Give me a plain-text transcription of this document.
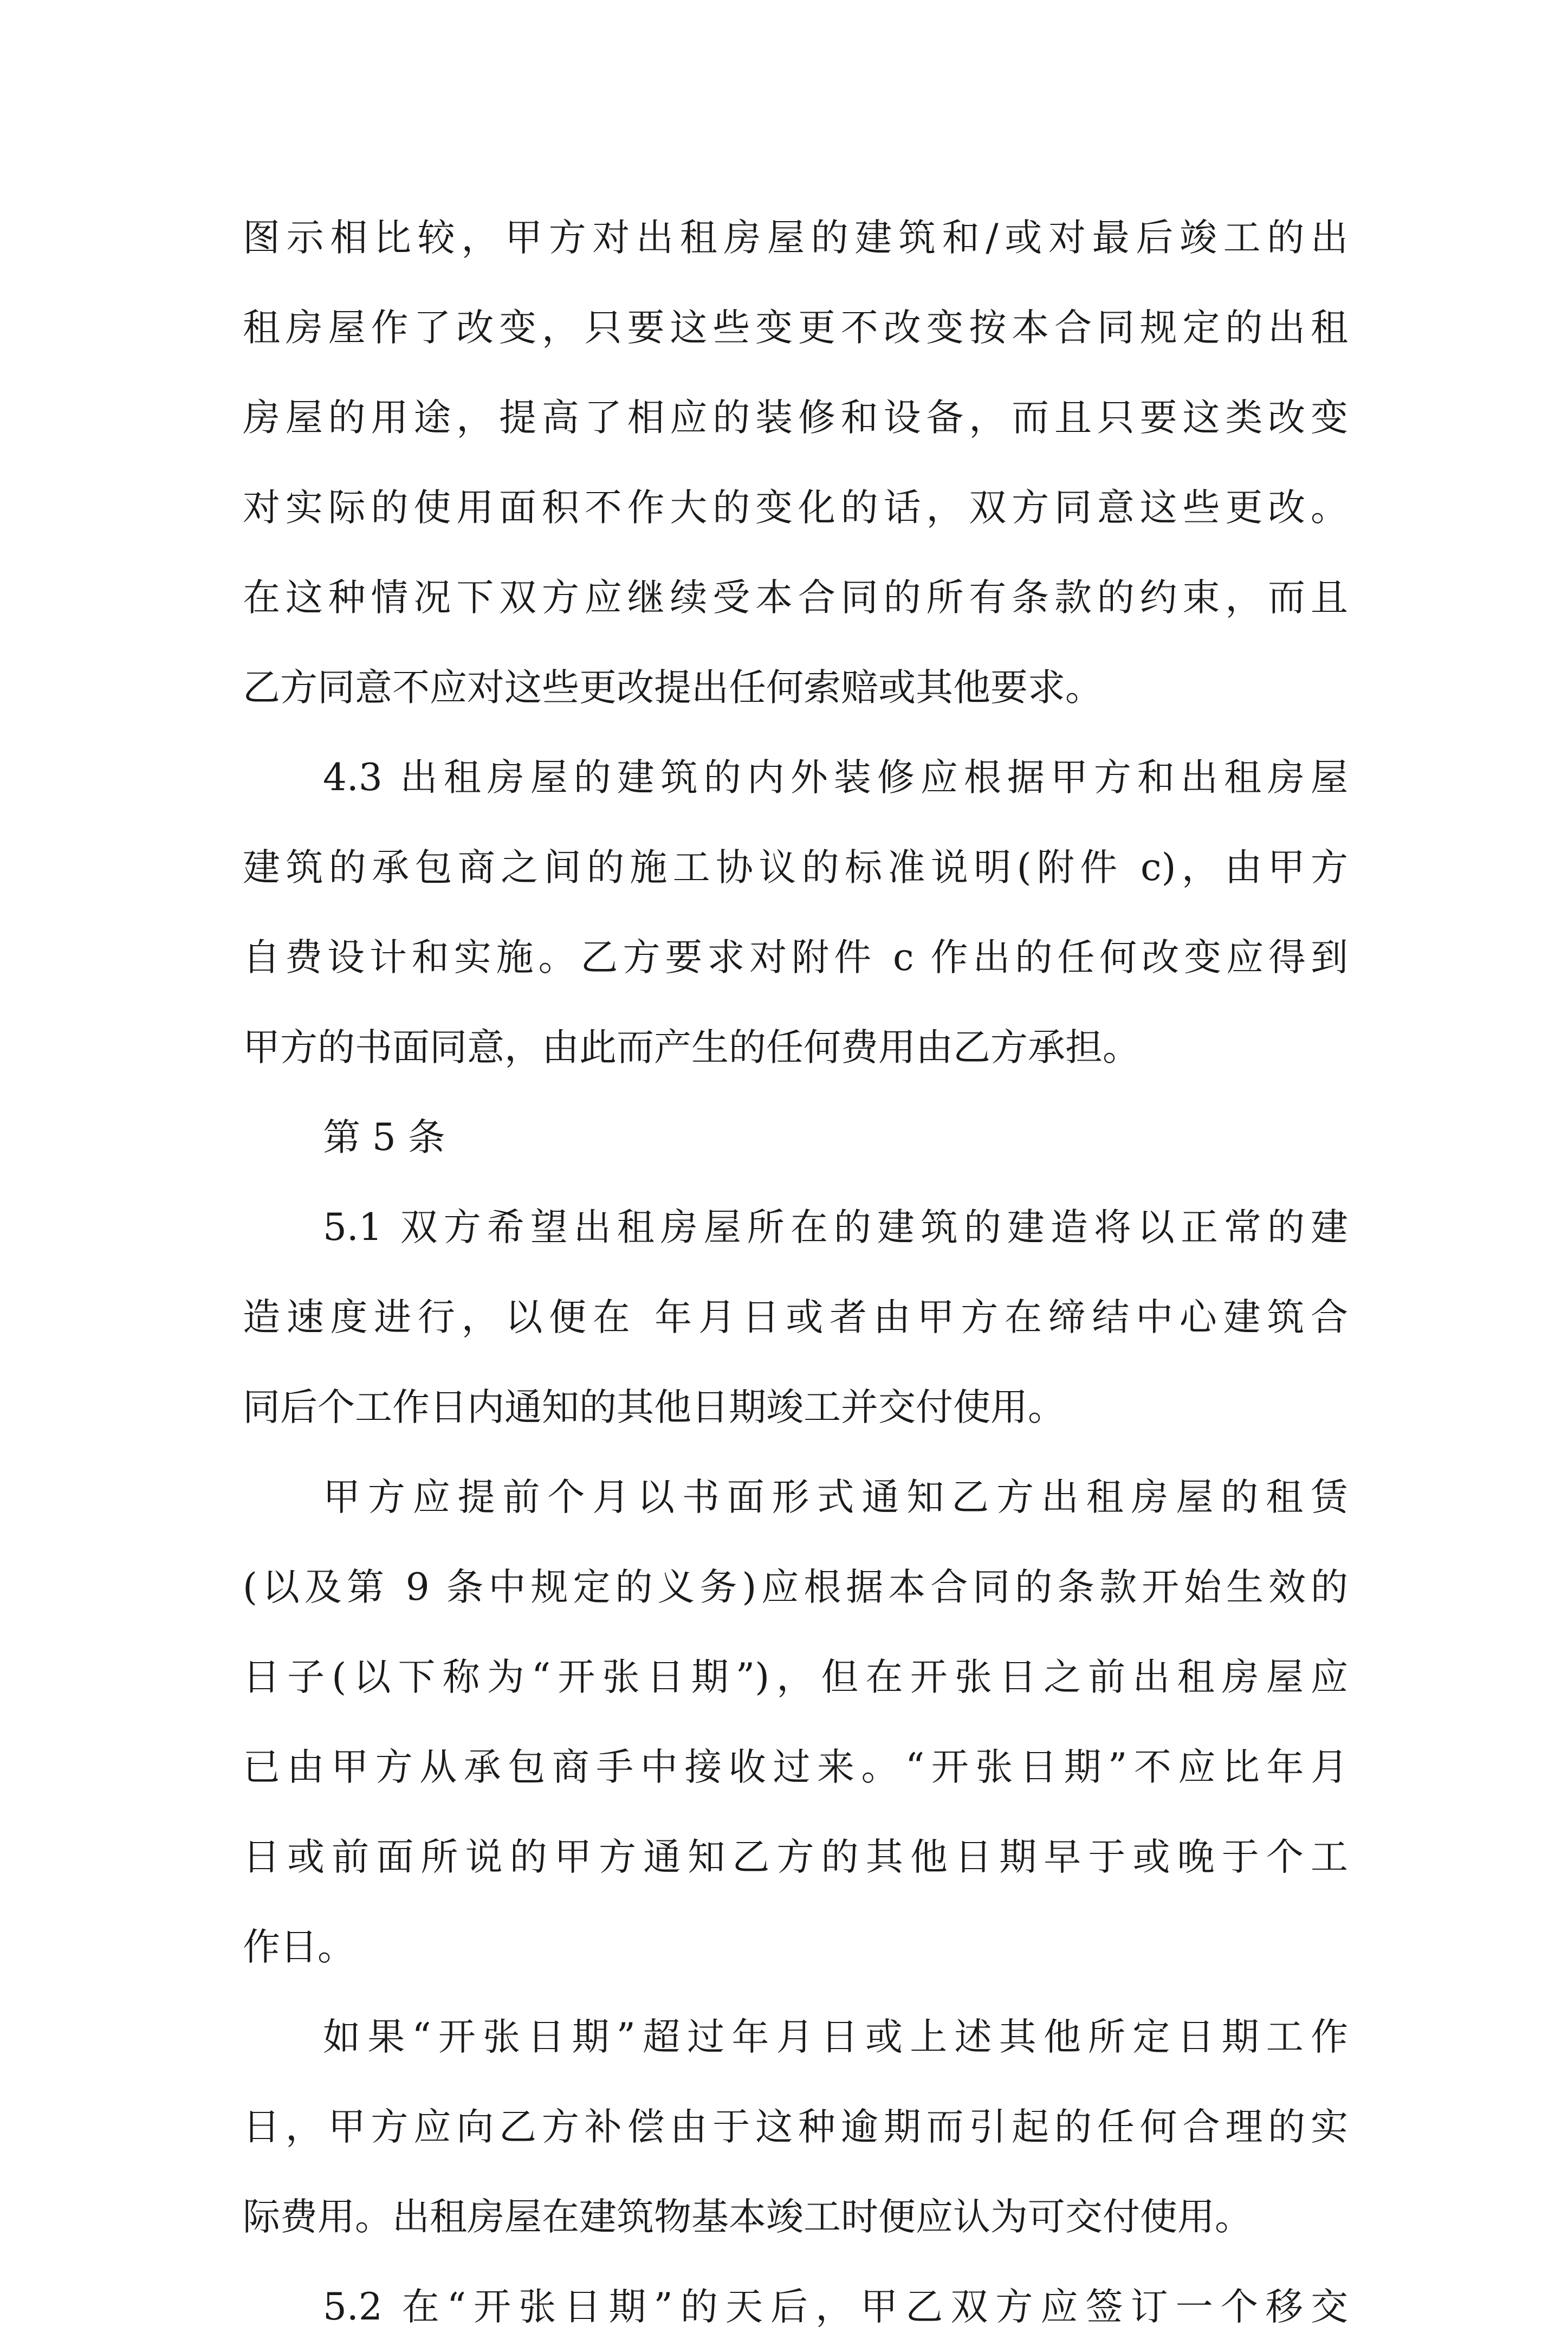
图示相比较，甲方对出租房屋的建筑和/或对最后竣工的出
租房屋作了改变，只要这些变更不改变按本合同规定的出租
房屋的用途，提高了相应的装修和设备，而且只要这类改变
对实际的使用面积不作大的变化的话，双方同意这些更改。
在这种情况下双方应继续受本合同的所有条款的约束，而且
乙方同意不应对这些更改提出任何索赔或其他要求。
4.3 出租房屋的建筑的内外装修应根据甲方和出租房屋
建筑的承包商之间的施工协议的标准说明(附件 c)，由甲方
自费设计和实施。乙方要求对附件 c 作出的任何改变应得到
甲方的书面同意，由此而产生的任何费用由乙方承担。
第 5 条
5.1 双方希望出租房屋所在的建筑的建造将以正常的建
造速度进行，以便在 年月日或者由甲方在缔结中心建筑合
同后个工作日内通知的其他日期竣工并交付使用。
甲方应提前个月以书面形式通知乙方出租房屋的租赁
(以及第 9 条中规定的义务)应根据本合同的条款开始生效的
日子(以下称为“开张日期”)，但在开张日之前出租房屋应
已由甲方从承包商手中接收过来。“开张日期”不应比年月
日或前面所说的甲方通知乙方的其他日期早于或晚于个工
作日。
如果“开张日期”超过年月日或上述其他所定日期工作
日，甲方应向乙方补偿由于这种逾期而引起的任何合理的实
际费用。出租房屋在建筑物基本竣工时便应认为可交付使用。
5.2 在“开张日期”的天后，甲乙双方应签订一个移交
